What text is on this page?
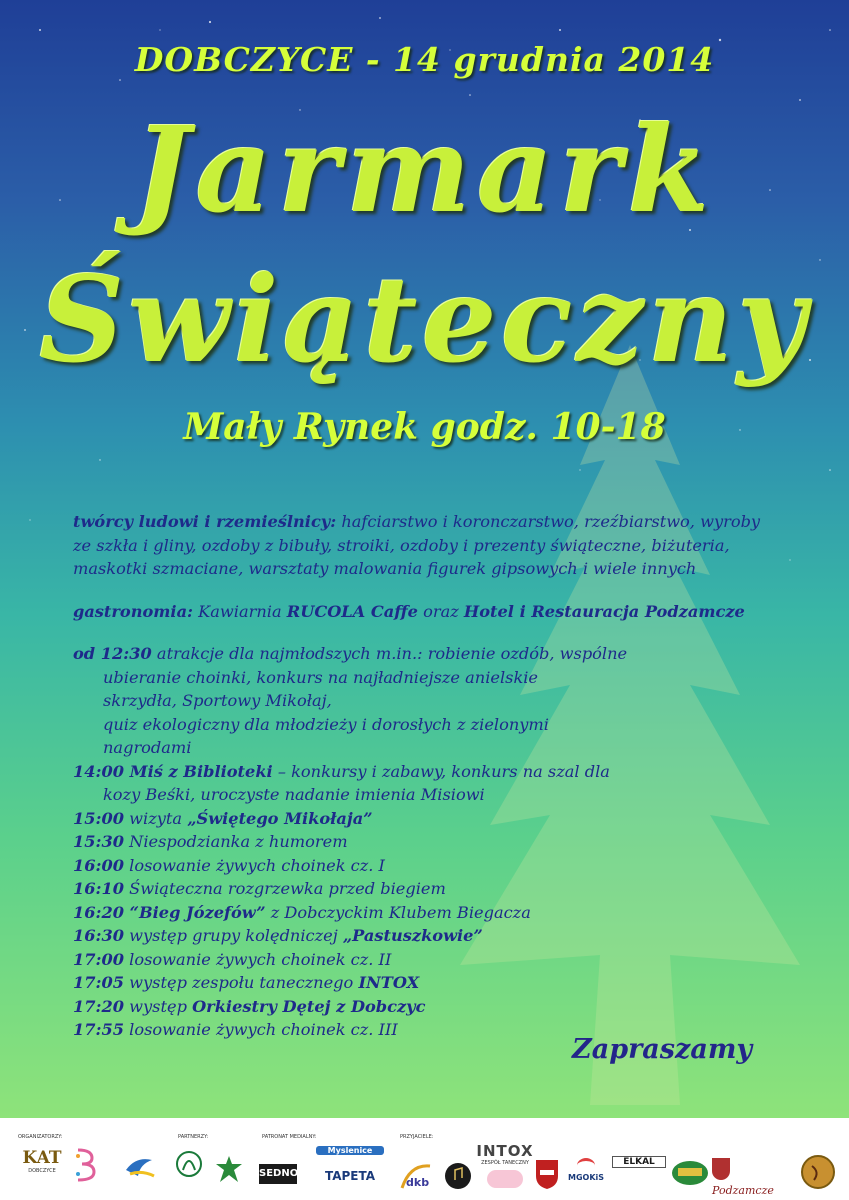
DOBCZYCE - 14 grudnia 2014
Jarmark
Świąteczny
Mały Rynek godz. 10-18

twórcy ludowi i rzemieślnicy: hafciarstwo i koronczarstwo, rzeźbiarstwo, wyroby
ze szkła i gliny, ozdoby z bibuły, stroiki, ozdoby i prezenty świąteczne, biżuteria,
maskotki szmaciane, warsztaty malowania figurek gipsowych i wiele innych

gastronomia: Kawiarnia RUCOLA Caffe oraz Hotel i Restauracja Podzamcze

od 12:30 atrakcje dla najmłodszych m.in.: robienie ozdób, wspólne
ubieranie choinki, konkurs na najładniejsze anielskie
skrzydła, Sportowy Mikołaj,
quiz ekologiczny dla młodzieży i dorosłych z zielonymi
nagrodami

14:00 Miś z Biblioteki – konkursy i zabawy, konkurs na szal dla
kozy Beśki, uroczyste nadanie imienia Misiowi

15:00 wizyta „Świętego Mikołaja”

15:30 Niespodzianka z humorem

16:00 losowanie żywych choinek cz. I

16:10 Świąteczna rozgrzewka przed biegiem

16:20 “Bieg Józefów” z Dobczyckim Klubem Biegacza

16:30 występ grupy kolędniczej „Pastuszkowie”

17:00 losowanie żywych choinek cz. II

17:05 występ zespołu tanecznego INTOX

17:20 występ Orkiestry Dętej z Dobczyc

17:55 losowanie żywych choinek cz. III

Zapraszamy
ORGANIZATORZY:	PARTNERZY:	PATRONAT MEDIALNY:	PRZYJACIELE:
KAT
DOBCZYCE	SEDNO
Myslenice
TAPETA	dkb
INTOX
ZESPÓŁ TANECZNY
MGOKiS
ELKAL
Podzamcze
